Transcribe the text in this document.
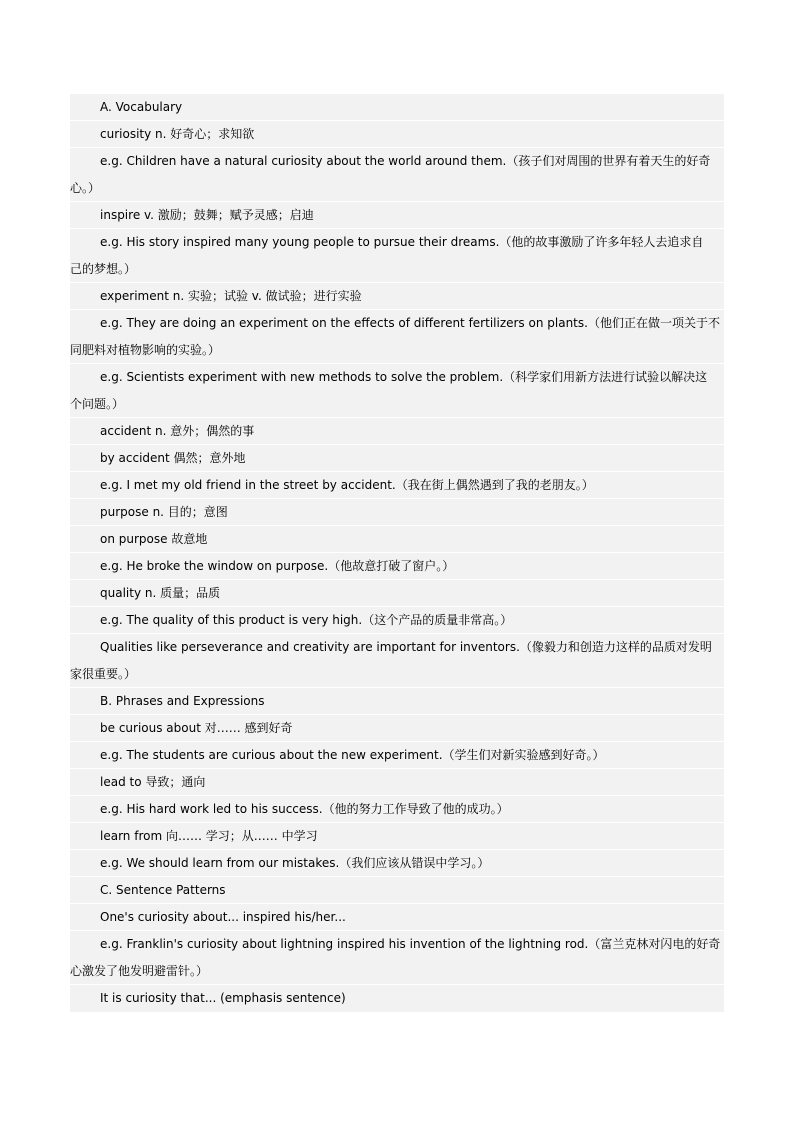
A. Vocabulary
curiosity n. 好奇心；求知欲
e.g. Children have a natural curiosity about the world around them.（孩子们对周围的世界有着天生的好奇
心。）
inspire v. 激励；鼓舞；赋予灵感；启迪
e.g. His story inspired many young people to pursue their dreams.（他的故事激励了许多年轻人去追求自
己的梦想。）
experiment n. 实验；试验 v. 做试验；进行实验
e.g. They are doing an experiment on the effects of different fertilizers on plants.（他们正在做一项关于不
同肥料对植物影响的实验。）
e.g. Scientists experiment with new methods to solve the problem.（科学家们用新方法进行试验以解决这
个问题。）
accident n. 意外；偶然的事
by accident 偶然；意外地
e.g. I met my old friend in the street by accident.（我在街上偶然遇到了我的老朋友。）
purpose n. 目的；意图
on purpose 故意地
e.g. He broke the window on purpose.（他故意打破了窗户。）
quality n. 质量；品质
e.g. The quality of this product is very high.（这个产品的质量非常高。）
Qualities like perseverance and creativity are important for inventors.（像毅力和创造力这样的品质对发明
家很重要。）
B. Phrases and Expressions
be curious about 对…… 感到好奇
e.g. The students are curious about the new experiment.（学生们对新实验感到好奇。）
lead to 导致；通向
e.g. His hard work led to his success.（他的努力工作导致了他的成功。）
learn from 向…… 学习；从…… 中学习
e.g. We should learn from our mistakes.（我们应该从错误中学习。）
C. Sentence Patterns
One's curiosity about... inspired his/her...
e.g. Franklin's curiosity about lightning inspired his invention of the lightning rod.（富兰克林对闪电的好奇
心激发了他发明避雷针。）
It is curiosity that... (emphasis sentence)
